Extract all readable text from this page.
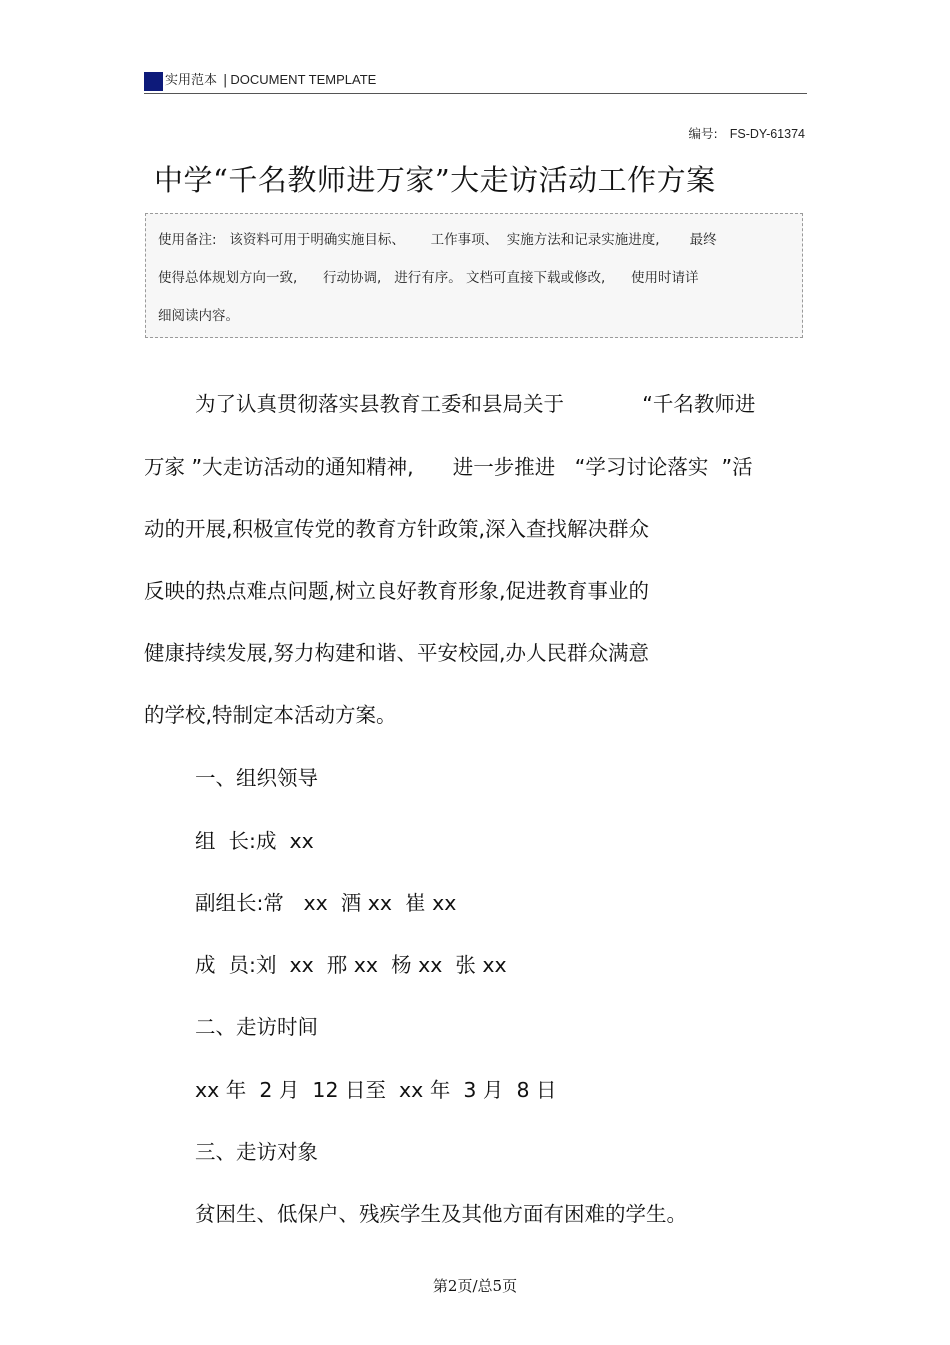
实用范本 | DOCUMENT TEMPLATE
编号: FS-DY-61374
中学“千名教师进万家”大走访活动工作方案
使用备注:   该资料可用于明确实施目标、      工作事项、  实施方法和记录实施进度,       最终
使得总体规划方向一致,      行动协调,   进行有序。 文档可直接下载或修改,      使用时请详
细阅读内容。
为了认真贯彻落实县教育工委和县局关于            “千名教师进
万家 ”大走访活动的通知精神,      进一步推进   “学习讨论落实  ”活
动的开展,积极宣传党的教育方针政策,深入查找解决群众
反映的热点难点问题,树立良好教育形象,促进教育事业的
健康持续发展,努力构建和谐、平安校园,办人民群众满意
的学校,特制定本活动方案。
一、组织领导
组  长:成  xx
副组长:常   xx  酒 xx  崔 xx
成  员:刘  xx  邢 xx  杨 xx  张 xx
二、走访时间
xx 年  2 月  12 日至  xx 年  3 月  8 日
三、走访对象
贫困生、低保户、残疾学生及其他方面有困难的学生。
第2页/总5页
